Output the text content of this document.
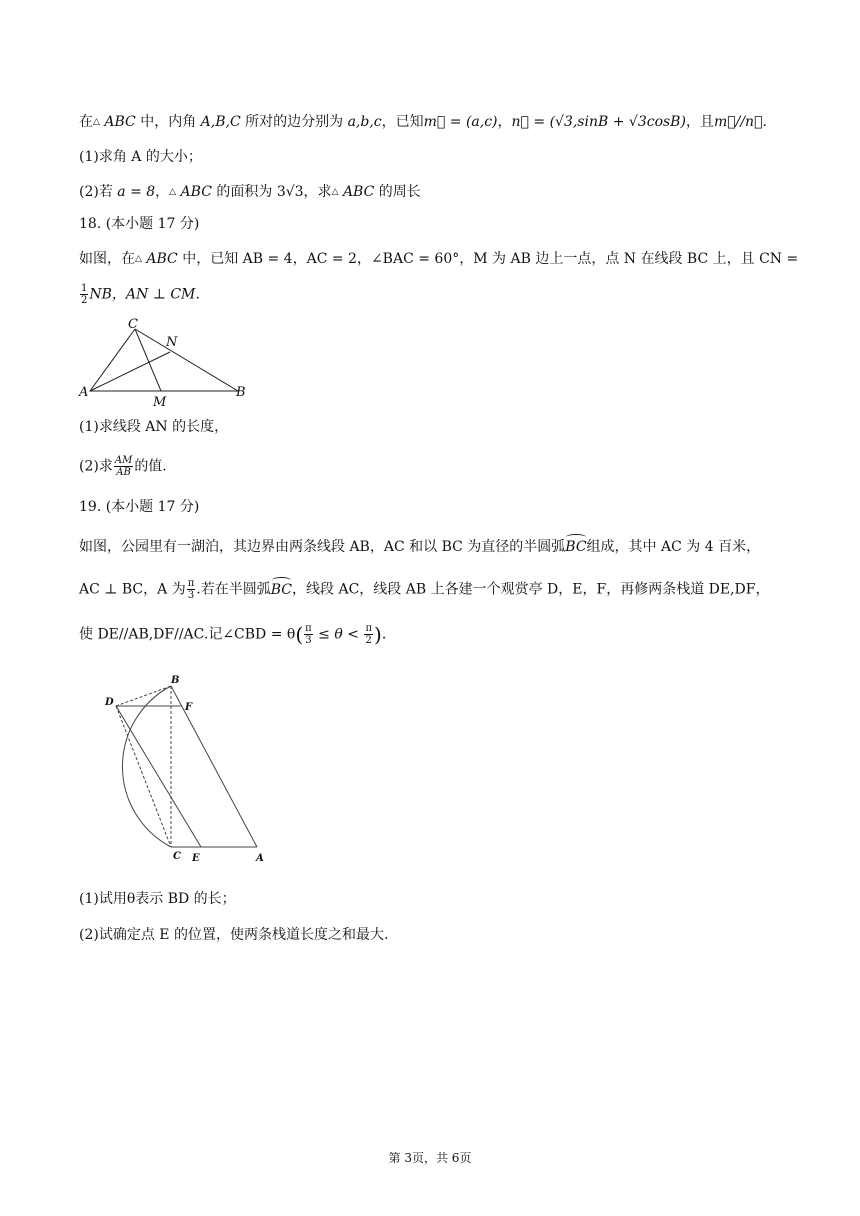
在△ ABC 中，内角 A,B,C 所对的边分别为 a,b,c，已知m⃗ = (a,c)，n⃗ = (√3,sinB + √3cosB)，且m⃗//n⃗.
(1)求角 A 的大小；
(2)若 a = 8，△ ABC 的面积为 3√3，求△ ABC 的周长
18. (本小题 17 分)
如图，在△ ABC 中，已知 AB = 4，AC = 2，∠BAC = 60°，M 为 AB 边上一点，点 N 在线段 BC 上，且 CN =
$\frac{1}{2}$ NB，AN ⊥ CM.
C
N
A
M
B
(1)求线段 AN 的长度，
(2)求 $\frac{AM}{AB}$ 的值.
19. (本小题 17 分)
如图，公园里有一湖泊，其边界由两条线段 AB，AC 和以 BC 为直径的半圆弧BC组成，其中 AC 为 4 百米，
AC ⊥ BC，A 为 $\frac{\pi}{3}$ .若在半圆弧BC，线段 AC，线段 AB 上各建一个观赏亭 D，E，F，再修两条栈道 DE,DF，
使 DE//AB,DF//AC.记∠CBD = $\theta( \frac{\pi}{3} \le \theta < \frac{\pi}{2}$ ).
B
D	F
C E	A
(1)试用θ表示 BD 的长；
(2)试确定点 E 的位置，使两条栈道长度之和最大.
第 3页，共 6页
